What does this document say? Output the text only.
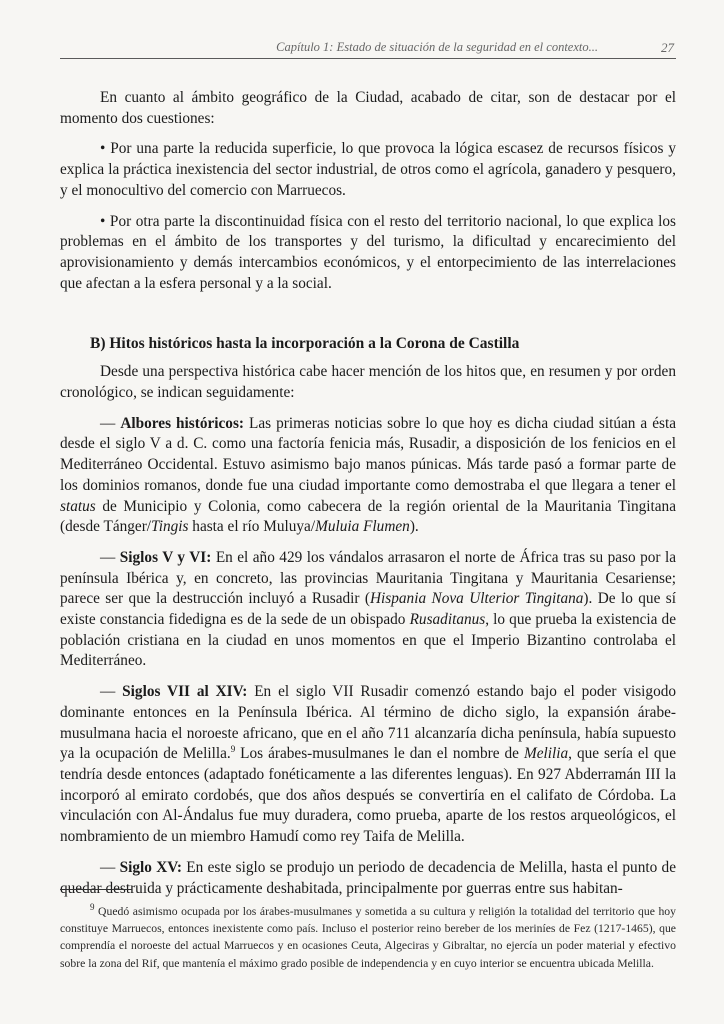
Capítulo 1: Estado de situación de la seguridad en el contexto...	27

En cuanto al ámbito geográfico de la Ciudad, acabado de citar, son de destacar por el momento dos cuestiones:

• Por una parte la reducida superficie, lo que provoca la lógica escasez de recursos físicos y explica la práctica inexistencia del sector industrial, de otros como el agrícola, ganadero y pesquero, y el monocultivo del comercio con Marruecos.

• Por otra parte la discontinuidad física con el resto del territorio nacional, lo que explica los problemas en el ámbito de los transportes y del turismo, la dificultad y encarecimiento del aprovisionamiento y demás intercambios económicos, y el entorpecimiento de las interrelaciones que afectan a la esfera personal y a la social.

B) Hitos históricos hasta la incorporación a la Corona de Castilla

Desde una perspectiva histórica cabe hacer mención de los hitos que, en resumen y por orden cronológico, se indican seguidamente:

— Albores históricos: Las primeras noticias sobre lo que hoy es dicha ciudad sitúan a ésta desde el siglo V a d. C. como una factoría fenicia más, Rusadir, a disposición de los fenicios en el Mediterráneo Occidental. Estuvo asimismo bajo manos púnicas. Más tarde pasó a formar parte de los dominios romanos, donde fue una ciudad importante como demostraba el que llegara a tener el status de Municipio y Colonia, como cabecera de la región oriental de la Mauritania Tingitana (desde Tánger/Tingis hasta el río Muluya/Muluia Flumen).

— Siglos V y VI: En el año 429 los vándalos arrasaron el norte de África tras su paso por la península Ibérica y, en concreto, las provincias Mauritania Tingitana y Mauritania Cesariense; parece ser que la destrucción incluyó a Rusadir (Hispania Nova Ulterior Tingitana). De lo que sí existe constancia fidedigna es de la sede de un obispado Rusaditanus, lo que prueba la existencia de población cristiana en la ciudad en unos momentos en que el Imperio Bizantino controlaba el Mediterráneo.

— Siglos VII al XIV: En el siglo VII Rusadir comenzó estando bajo el poder visigodo dominante entonces en la Península Ibérica. Al término de dicho siglo, la expansión árabe-musulmana hacia el noroeste africano, que en el año 711 alcanzaría dicha península, había supuesto ya la ocupación de Melilla.$^9$ Los árabes-musulmanes le dan el nombre de Melilia, que sería el que tendría desde entonces (adaptado fonéticamente a las diferentes lenguas). En 927 Abderramán III la incorporó al emirato cordobés, que dos años después se convertiría en el califato de Córdoba. La vinculación con Al-Ándalus fue muy duradera, como prueba, aparte de los restos arqueológicos, el nombramiento de un miembro Hamudí como rey Taifa de Melilla.

— Siglo XV: En este siglo se produjo un periodo de decadencia de Melilla, hasta el punto de quedar destruida y prácticamente deshabitada, principalmente por guerras entre sus habitan-

$^9$ Quedó asimismo ocupada por los árabes-musulmanes y sometida a su cultura y religión la totalidad del territorio que hoy constituye Marruecos, entonces inexistente como país. Incluso el posterior reino bereber de los meriníes de Fez (1217-1465), que comprendía el noroeste del actual Marruecos y en ocasiones Ceuta, Algeciras y Gibraltar, no ejercía un poder material y efectivo sobre la zona del Rif, que mantenía el máximo grado posible de independencia y en cuyo interior se encuentra ubicada Melilla.
